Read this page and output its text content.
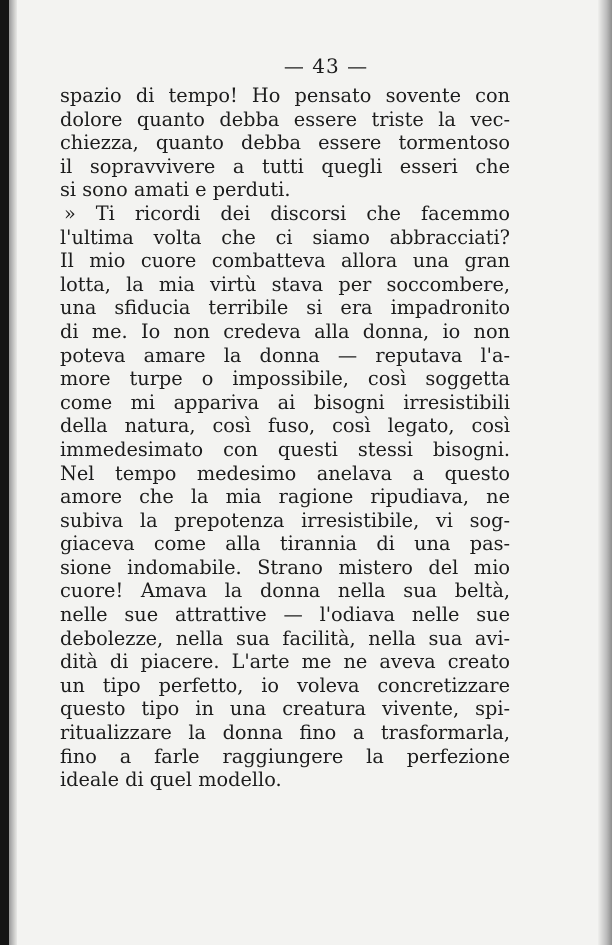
— 43 —
spazio di tempo! Ho pensato sovente con
dolore quanto debba essere triste la vec-
chiezza, quanto debba essere tormentoso
il sopravvivere a tutti quegli esseri che
si sono amati e perduti.
» Ti ricordi dei discorsi che facemmo
l'ultima volta che ci siamo abbracciati?
Il mio cuore combatteva allora una gran
lotta, la mia virtù stava per soccombere,
una sfiducia terribile si era impadronito
di me. Io non credeva alla donna, io non
poteva amare la donna — reputava l'a-
more turpe o impossibile, così soggetta
come mi appariva ai bisogni irresistibili
della natura, così fuso, così legato, così
immedesimato con questi stessi bisogni.
Nel tempo medesimo anelava a questo
amore che la mia ragione ripudiava, ne
subiva la prepotenza irresistibile, vi sog-
giaceva come alla tirannia di una pas-
sione indomabile. Strano mistero del mio
cuore! Amava la donna nella sua beltà,
nelle sue attrattive — l'odiava nelle sue
debolezze, nella sua facilità, nella sua avi-
dità di piacere. L'arte me ne aveva creato
un tipo perfetto, io voleva concretizzare
questo tipo in una creatura vivente, spi-
ritualizzare la donna fino a trasformarla,
fino a farle raggiungere la perfezione
ideale di quel modello.
